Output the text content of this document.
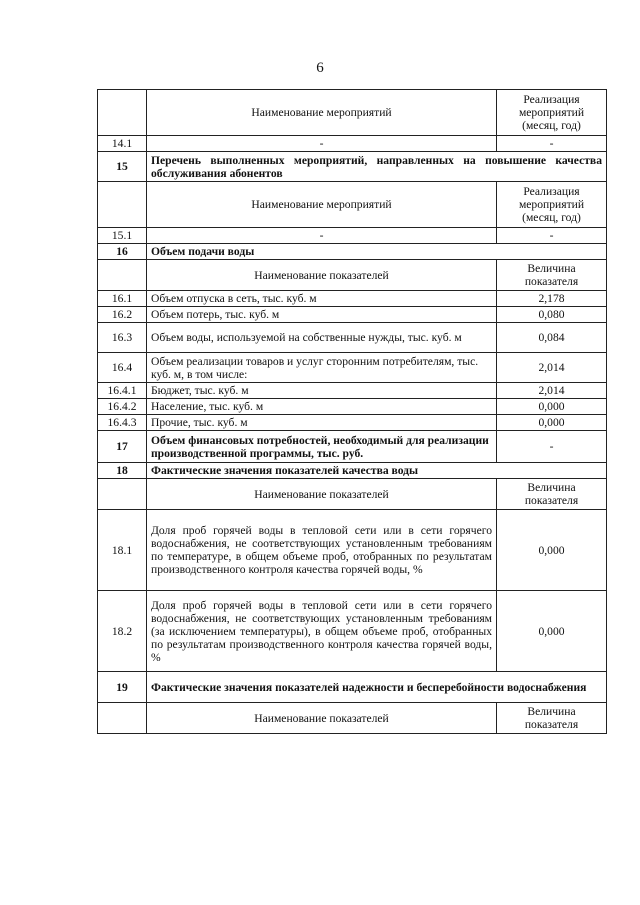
6
	Наименование мероприятий	Реализация мероприятий (месяц, год)
14.1	-	-
15	Перечень выполненных мероприятий, направленных на повышение качества обслуживания абонентов	
	Наименование мероприятий	Реализация мероприятий (месяц, год)
15.1	-	-
16	Объем подачи воды	
	Наименование показателей	Величина показателя
16.1	Объем отпуска в сеть, тыс. куб. м	2,178
16.2	Объем потерь, тыс. куб. м	0,080
16.3	Объем воды, используемой на собственные нужды, тыс. куб. м	0,084
16.4	Объем реализации товаров и услуг сторонним потребителям, тыс. куб. м, в том числе:	2,014
16.4.1	Бюджет, тыс. куб. м	2,014
16.4.2	Население, тыс. куб. м	0,000
16.4.3	Прочие, тыс. куб. м	0,000
17	Объем финансовых потребностей, необходимый для реализации производственной программы, тыс. руб.	-
18	Фактические значения показателей качества воды	
	Наименование показателей	Величина показателя
18.1	Доля проб горячей воды в тепловой сети или в сети горячего водоснабжения, не соответствующих установленным требованиям по температуре, в общем объеме проб, отобранных по результатам производственного контроля качества горячей воды, %	0,000
18.2	Доля проб горячей воды в тепловой сети или в сети горячего водоснабжения, не соответствующих установленным требованиям (за исключением температуры), в общем объеме проб, отобранных по результатам производственного контроля качества горячей воды, %	0,000
19	Фактические значения показателей надежности и бесперебойности водоснабжения	
	Наименование показателей	Величина показателя
